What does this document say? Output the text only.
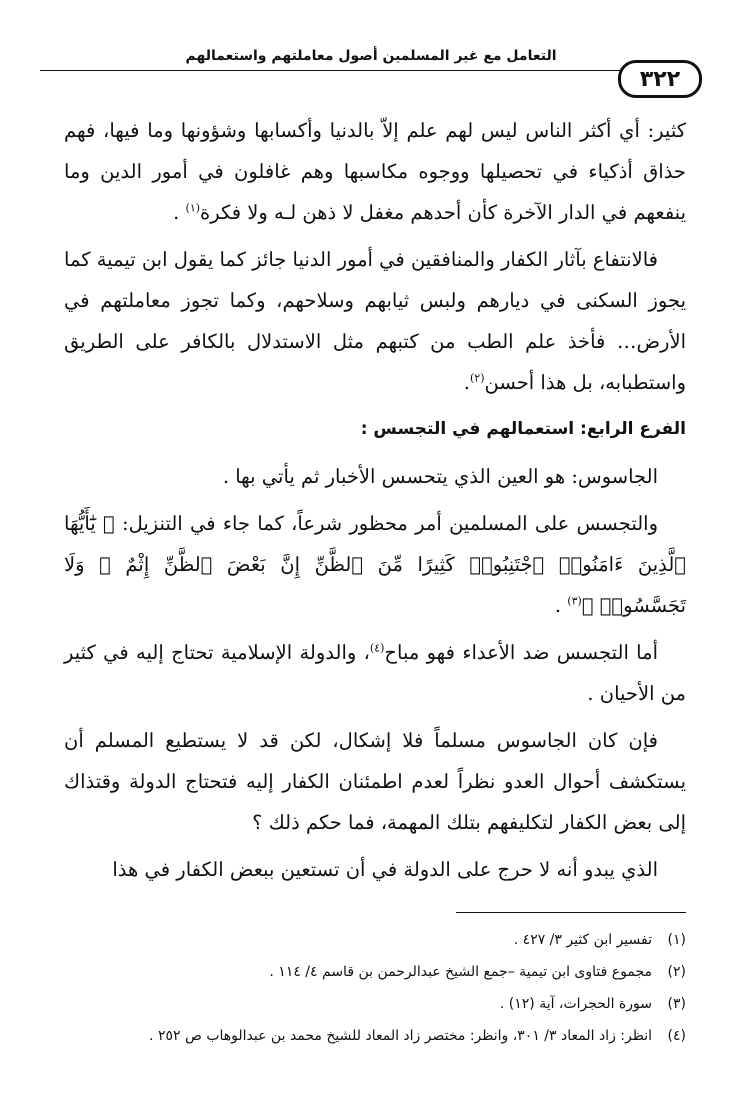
التعامل مع غير المسلمين أصول معاملتهم واستعمالهم
٣٢٢

كثير: أي أكثر الناس ليس لهم علم إلاّ بالدنيا وأكسابها وشؤونها وما فيها، فهم حذاق أذكياء في تحصيلها ووجوه مكاسبها وهم غافلون في أمور الدين وما ينفعهم في الدار الآخرة كأن أحدهم مغفل لا ذهن لـه ولا فكرة$^{(١)}$ .

فالانتفاع بآثار الكفار والمنافقين في أمور الدنيا جائز كما يقول ابن تيمية كما يجوز السكنى في ديارهم ولبس ثيابهم وسلاحهم، وكما تجوز معاملتهم في الأرض… فأخذ علم الطب من كتبهم مثل الاستدلال بالكافر على الطريق واستطبابه، بل هذا أحسن$^{(٢)}$.

الفرع الرابع: استعمالهم في التجسس :

الجاسوس: هو العين الذي يتحسس الأخبار ثم يأتي بها .

والتجسس على المسلمين أمر محظور شرعاً، كما جاء في التنزيل: ﴿ يَٰٓأَيُّهَا ٱلَّذِينَ ءَامَنُوا۟ ٱجْتَنِبُوا۟ كَثِيرًا مِّنَ ٱلظَّنِّ إِنَّ بَعْضَ ٱلظَّنِّ إِثْمٌ ۖ وَلَا تَجَسَّسُوا۟ ﴾$^{(٣)}$ .

أما التجسس ضد الأعداء فهو مباح$^{(٤)}$، والدولة الإسلامية تحتاج إليه في كثير من الأحيان .

فإن كان الجاسوس مسلماً فلا إشكال، لكن قد لا يستطيع المسلم أن يستكشف أحوال العدو نظراً لعدم اطمئنان الكفار إليه فتحتاج الدولة وقتذاك إلى بعض الكفار لتكليفهم بتلك المهمة، فما حكم ذلك ؟

الذي يبدو أنه لا حرج على الدولة في أن تستعين ببعض الكفار في هذا

(١)تفسير ابن كثير ٣/ ٤٢٧ .

(٢)مجموع فتاوى ابن تيمية –جمع الشيخ عبدالرحمن بن قاسم ٤/ ١١٤ .

(٣)سورة الحجرات، آية (١٢) .

(٤)انظر: زاد المعاد ٣/ ٣٠١، وانظر: مختصر زاد المعاد للشيخ محمد بن عبدالوهاب ص ٢٥٢ .
